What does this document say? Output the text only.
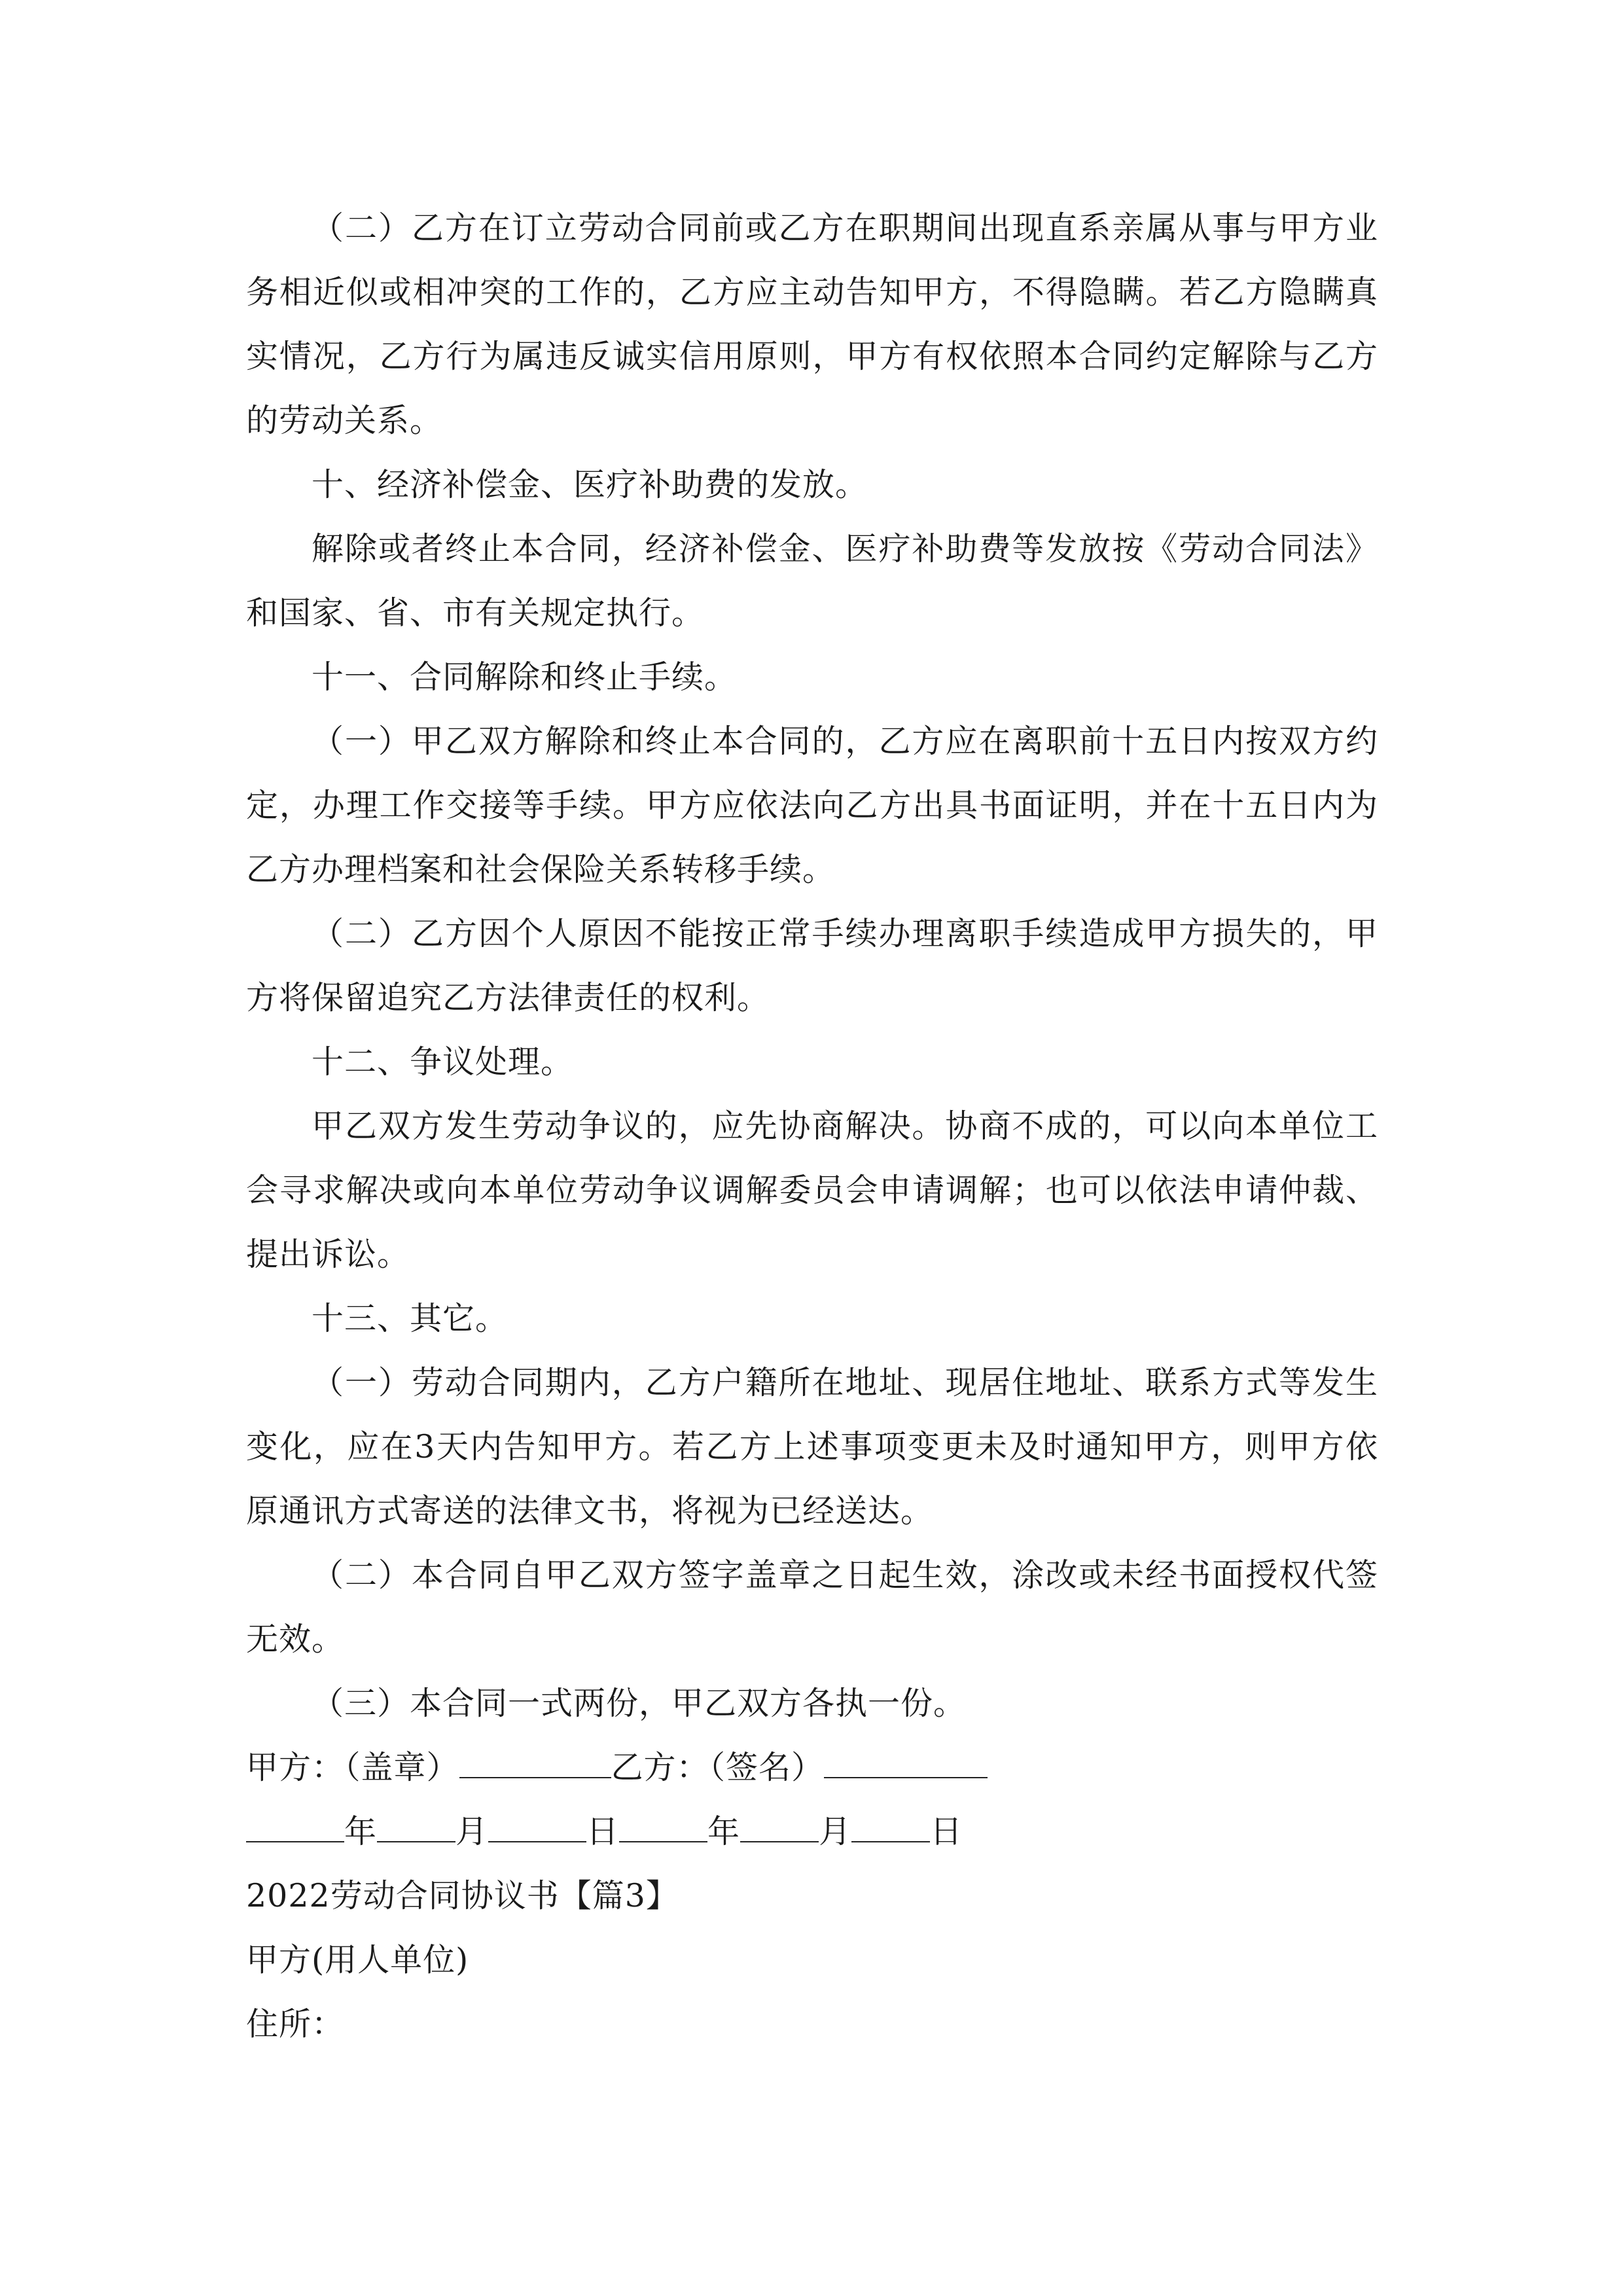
（二）乙方在订立劳动合同前或乙方在职期间出现直系亲属从事与甲方业务相近似或相冲突的工作的，乙方应主动告知甲方，不得隐瞒。若乙方隐瞒真实情况，乙方行为属违反诚实信用原则，甲方有权依照本合同约定解除与乙方的劳动关系。

十、经济补偿金、医疗补助费的发放。

解除或者终止本合同，经济补偿金、医疗补助费等发放按《劳动合同法》和国家、省、市有关规定执行。

十一、合同解除和终止手续。

（一）甲乙双方解除和终止本合同的，乙方应在离职前十五日内按双方约定，办理工作交接等手续。甲方应依法向乙方出具书面证明，并在十五日内为乙方办理档案和社会保险关系转移手续。

（二）乙方因个人原因不能按正常手续办理离职手续造成甲方损失的，甲方将保留追究乙方法律责任的权利。

十二、争议处理。

甲乙双方发生劳动争议的，应先协商解决。协商不成的，可以向本单位工会寻求解决或向本单位劳动争议调解委员会申请调解；也可以依法申请仲裁、提出诉讼。

十三、其它。

（一）劳动合同期内，乙方户籍所在地址、现居住地址、联系方式等发生变化，应在3天内告知甲方。若乙方上述事项变更未及时通知甲方，则甲方依原通讯方式寄送的法律文书，将视为已经送达。

（二）本合同自甲乙双方签字盖章之日起生效，涂改或未经书面授权代签无效。

（三）本合同一式两份，甲乙双方各执一份。

甲方：（盖章）	乙方：（签名）

年 月	日	年 月 日

2022劳动合同协议书【篇3】

甲方(用人单位)

住所：
